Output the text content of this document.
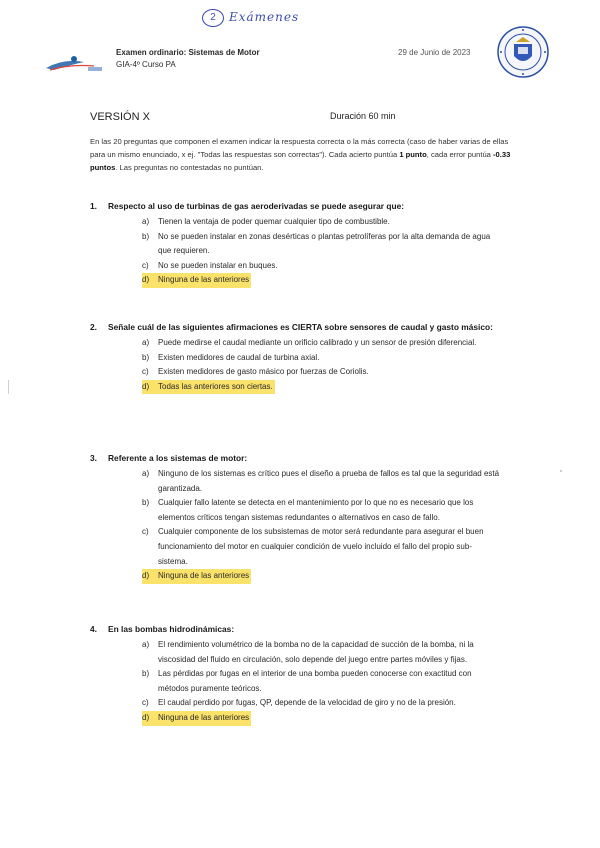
2	Exámenes
Examen ordinario: Sistemas de Motor
GIA-4º Curso PA
29 de Junio de 2023
VERSIÓN X	Duración 60 min
En las 20 preguntas que componen el examen indicar la respuesta correcta o la más correcta (caso de haber varias de ellas para un mismo enunciado, x ej. "Todas las respuestas son correctas"). Cada acierto puntúa 1 punto, cada error puntúa -0.33 puntos. Las preguntas no contestadas no puntúan.
1.	Respecto al uso de turbinas de gas aeroderivadas se puede asegurar que:
a)	Tienen la ventaja de poder quemar cualquier tipo de combustible.
b)	No se pueden instalar en zonas desérticas o plantas petrolíferas por la alta demanda de agua que requieren.
c)	No se pueden instalar en buques.
d)	Ninguna de las anteriores
2.	Señale cuál de las siguientes afirmaciones es CIERTA sobre sensores de caudal y gasto másico:
a)	Puede medirse el caudal mediante un orificio calibrado y un sensor de presión diferencial.
b)	Existen medidores de caudal de turbina axial.
c)	Existen medidores de gasto másico por fuerzas de Coriolis.
d)	Todas las anteriores son ciertas.
3.	Referente a los sistemas de motor:
a)	Ninguno de los sistemas es crítico pues el diseño a prueba de fallos es tal que la seguridad está garantizada.
b)	Cualquier fallo latente se detecta en el mantenimiento por lo que no es necesario que los elementos críticos tengan sistemas redundantes o alternativos en caso de fallo.
c)	Cualquier componente de los subsistemas de motor será redundante para asegurar el buen funcionamiento del motor en cualquier condición de vuelo incluido el fallo del propio sub-sistema.
d)	Ninguna de las anteriores
4.	En las bombas hidrodinámicas:
a)	El rendimiento volumétrico de la bomba no de la capacidad de succión de la bomba, ni la viscosidad del fluido en circulación, solo depende del juego entre partes móviles y fijas.
b)	Las pérdidas por fugas en el interior de una bomba pueden conocerse con exactitud con métodos puramente teóricos.
c)	El caudal perdido por fugas, QP, depende de la velocidad de giro y no de la presión.
d)	Ninguna de las anteriores
